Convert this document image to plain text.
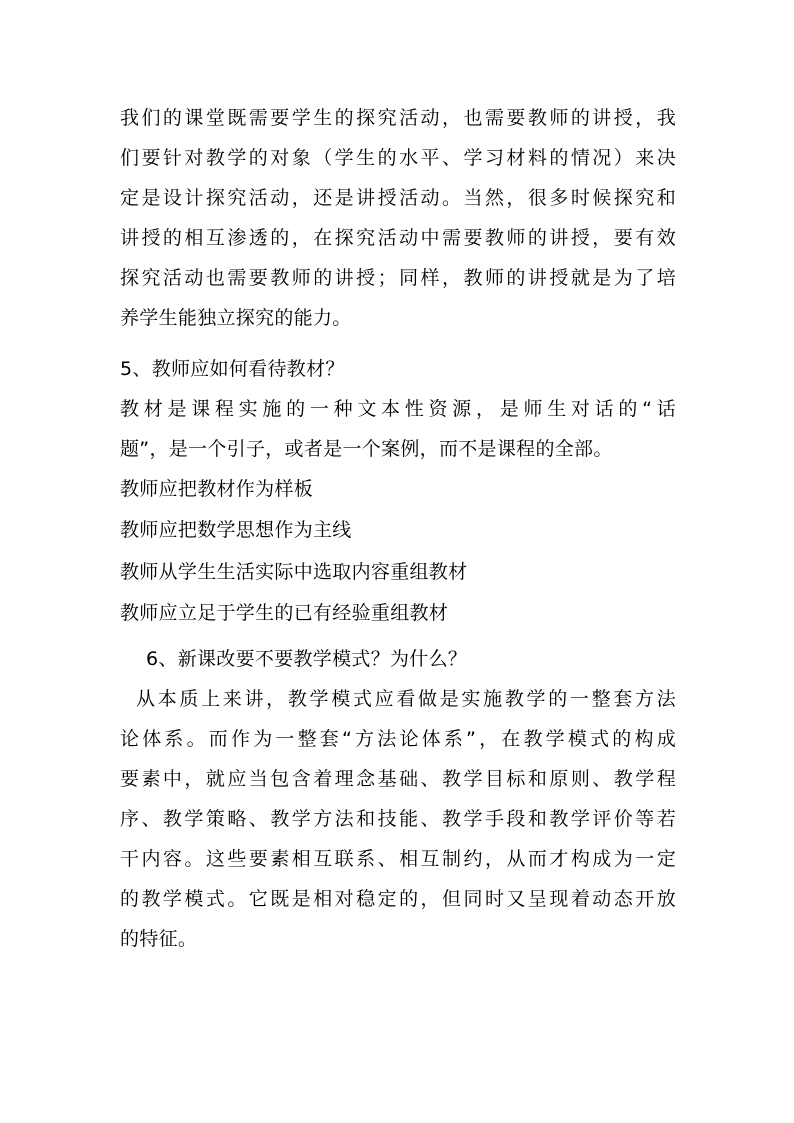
我们的课堂既需要学生的探究活动，也需要教师的讲授，我
们要针对教学的对象（学生的水平、学习材料的情况）来决
定是设计探究活动，还是讲授活动。当然，很多时候探究和
讲授的相互渗透的，在探究活动中需要教师的讲授，要有效
探究活动也需要教师的讲授；同样，教师的讲授就是为了培
养学生能独立探究的能力。
5、教师应如何看待教材？
教材是课程实施的一种文本性资源，是师生对话的“话
题”，是一个引子，或者是一个案例，而不是课程的全部。
教师应把教材作为样板
教师应把数学思想作为主线
教师从学生生活实际中选取内容重组教材
教师应立足于学生的已有经验重组教材
6、新课改要不要教学模式？为什么？
从本质上来讲，教学模式应看做是实施教学的一整套方法
论体系。而作为一整套“方法论体系”，在教学模式的构成
要素中，就应当包含着理念基础、教学目标和原则、教学程
序、教学策略、教学方法和技能、教学手段和教学评价等若
干内容。这些要素相互联系、相互制约，从而才构成为一定
的教学模式。它既是相对稳定的，但同时又呈现着动态开放
的特征。
